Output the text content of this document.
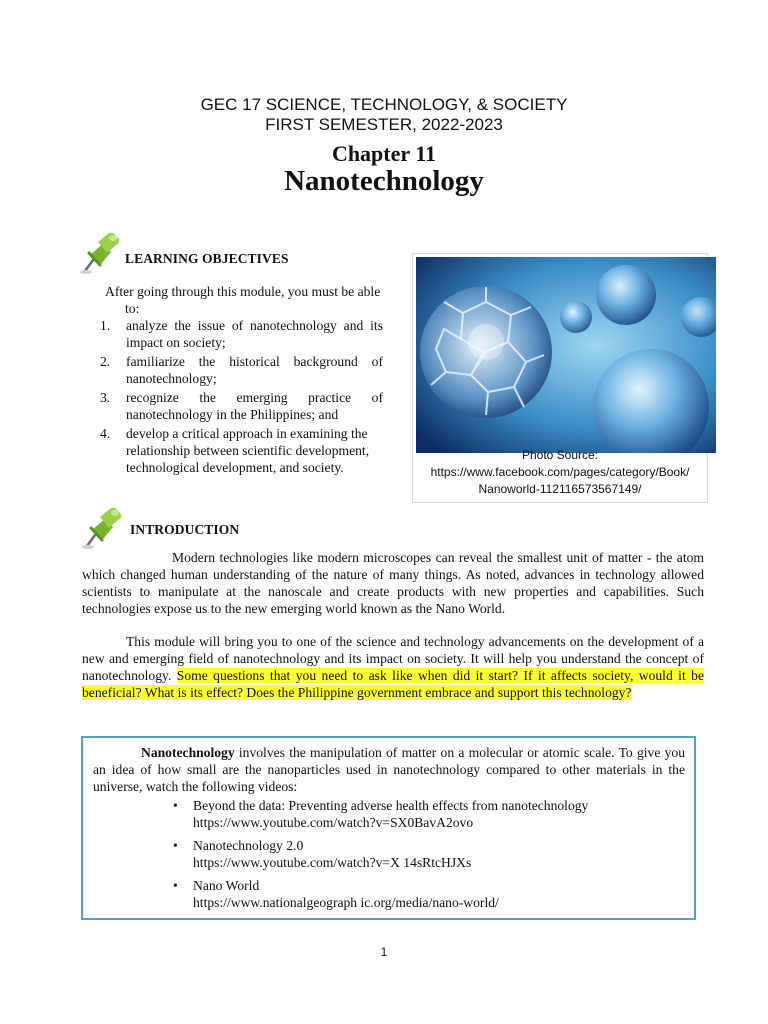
GEC 17 SCIENCE, TECHNOLOGY, & SOCIETY
FIRST SEMESTER, 2022-2023
Chapter 11
Nanotechnology
LEARNING OBJECTIVES
After going through this module, you must be able
to:
1. analyze the issue of nanotechnology and its impact on society;
2. familiarize the historical background of nanotechnology;
3. recognize the emerging practice of nanotechnology in the Philippines; and
4. develop a critical approach in examining the relationship between scientific development, technological development, and society.
Photo Source:
https://www.facebook.com/pages/category/Book/
Nanoworld-112116573567149/
INTRODUCTION
Modern technologies like modern microscopes can reveal the smallest unit of matter - the atom which changed human understanding of the nature of many things. As noted, advances in technology allowed scientists to manipulate at the nanoscale and create products with new properties and capabilities. Such technologies expose us to the new emerging world known as the Nano World.
This module will bring you to one of the science and technology advancements on the development of a new and emerging field of nanotechnology and its impact on society. It will help you understand the concept of nanotechnology. Some questions that you need to ask like when did it start? If it affects society, would it be beneficial? What is its effect? Does the Philippine government embrace and support this technology?
Nanotechnology involves the manipulation of matter on a molecular or atomic scale. To give you an idea of how small are the nanoparticles used in nanotechnology compared to other materials in the universe, watch the following videos:
• Beyond the data: Preventing adverse health effects from nanotechnology
https://www.youtube.com/watch?v=SX0BavA2ovo
• Nanotechnology 2.0
https://www.youtube.com/watch?v=X 14sRtcHJXs
• Nano World
https://www.nationalgeograph ic.org/media/nano-world/
1
